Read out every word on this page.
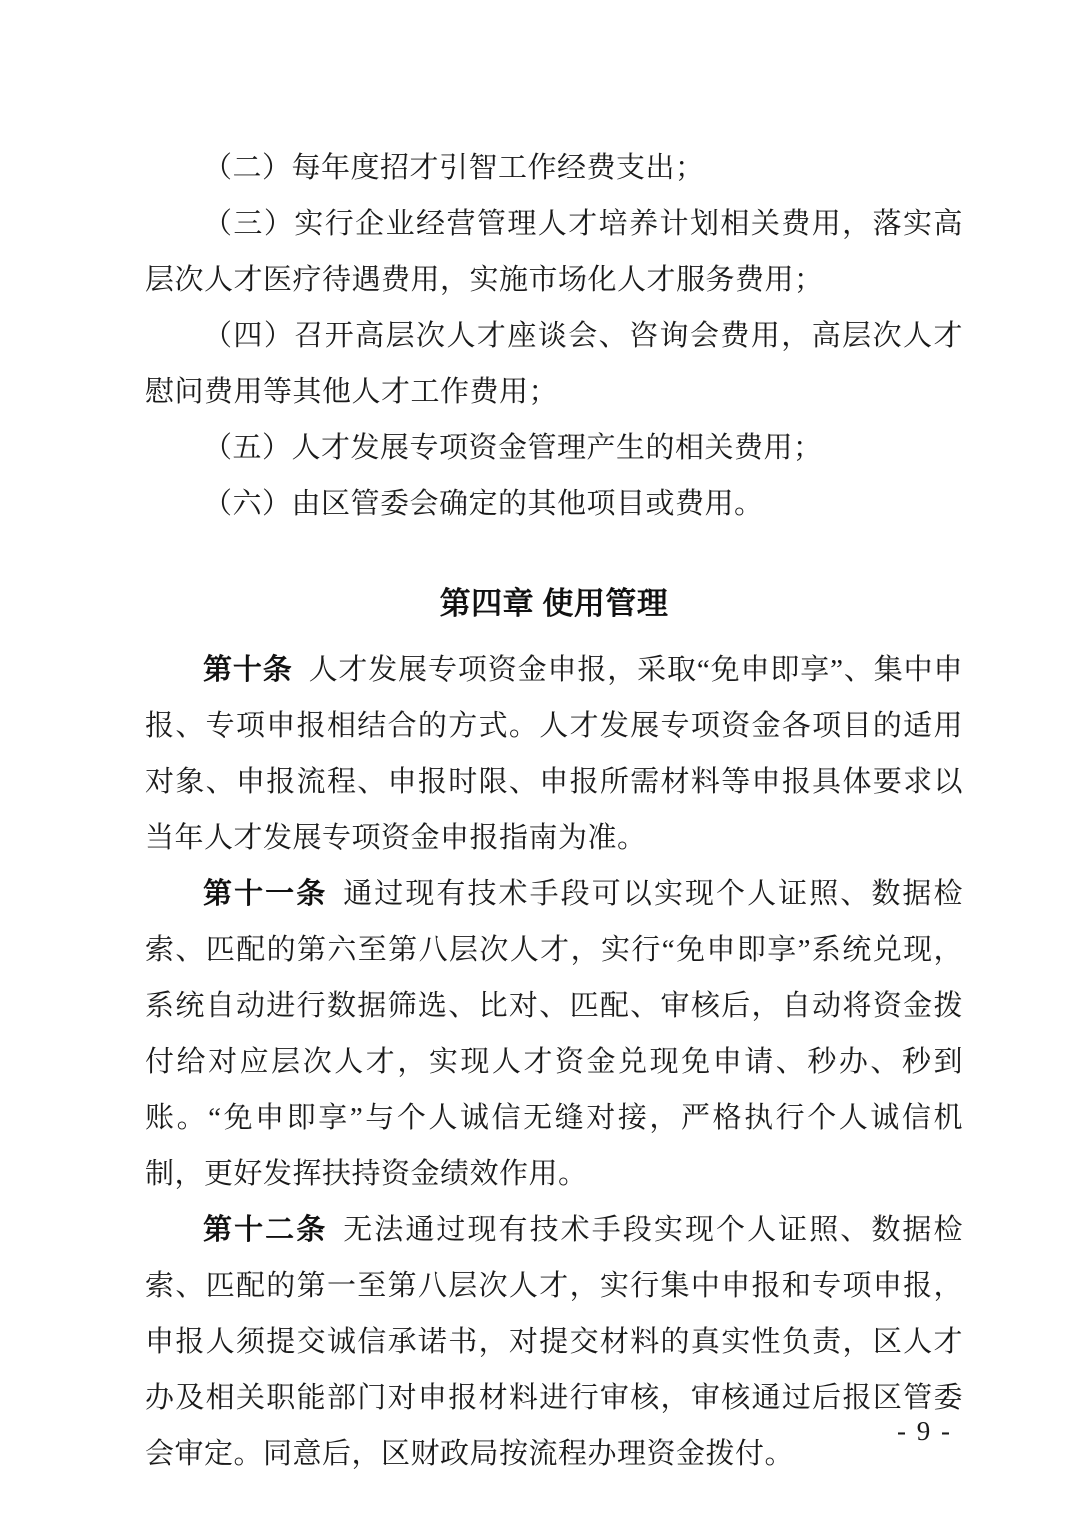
（二）每年度招才引智工作经费支出；

（三）实行企业经营管理人才培养计划相关费用，落实高层次人才医疗待遇费用，实施市场化人才服务费用；

（四）召开高层次人才座谈会、咨询会费用，高层次人才慰问费用等其他人才工作费用；

（五）人才发展专项资金管理产生的相关费用；

（六）由区管委会确定的其他项目或费用。

第四章 使用管理

第十条 人才发展专项资金申报，采取“免申即享”、集中申报、专项申报相结合的方式。人才发展专项资金各项目的适用对象、申报流程、申报时限、申报所需材料等申报具体要求以当年人才发展专项资金申报指南为准。

第十一条 通过现有技术手段可以实现个人证照、数据检索、匹配的第六至第八层次人才，实行“免申即享”系统兑现，系统自动进行数据筛选、比对、匹配、审核后，自动将资金拨付给对应层次人才，实现人才资金兑现免申请、秒办、秒到账。“免申即享”与个人诚信无缝对接，严格执行个人诚信机制，更好发挥扶持资金绩效作用。

第十二条 无法通过现有技术手段实现个人证照、数据检索、匹配的第一至第八层次人才，实行集中申报和专项申报，申报人须提交诚信承诺书，对提交材料的真实性负责，区人才办及相关职能部门对申报材料进行审核，审核通过后报区管委会审定。同意后，区财政局按流程办理资金拨付。

- 9 -
